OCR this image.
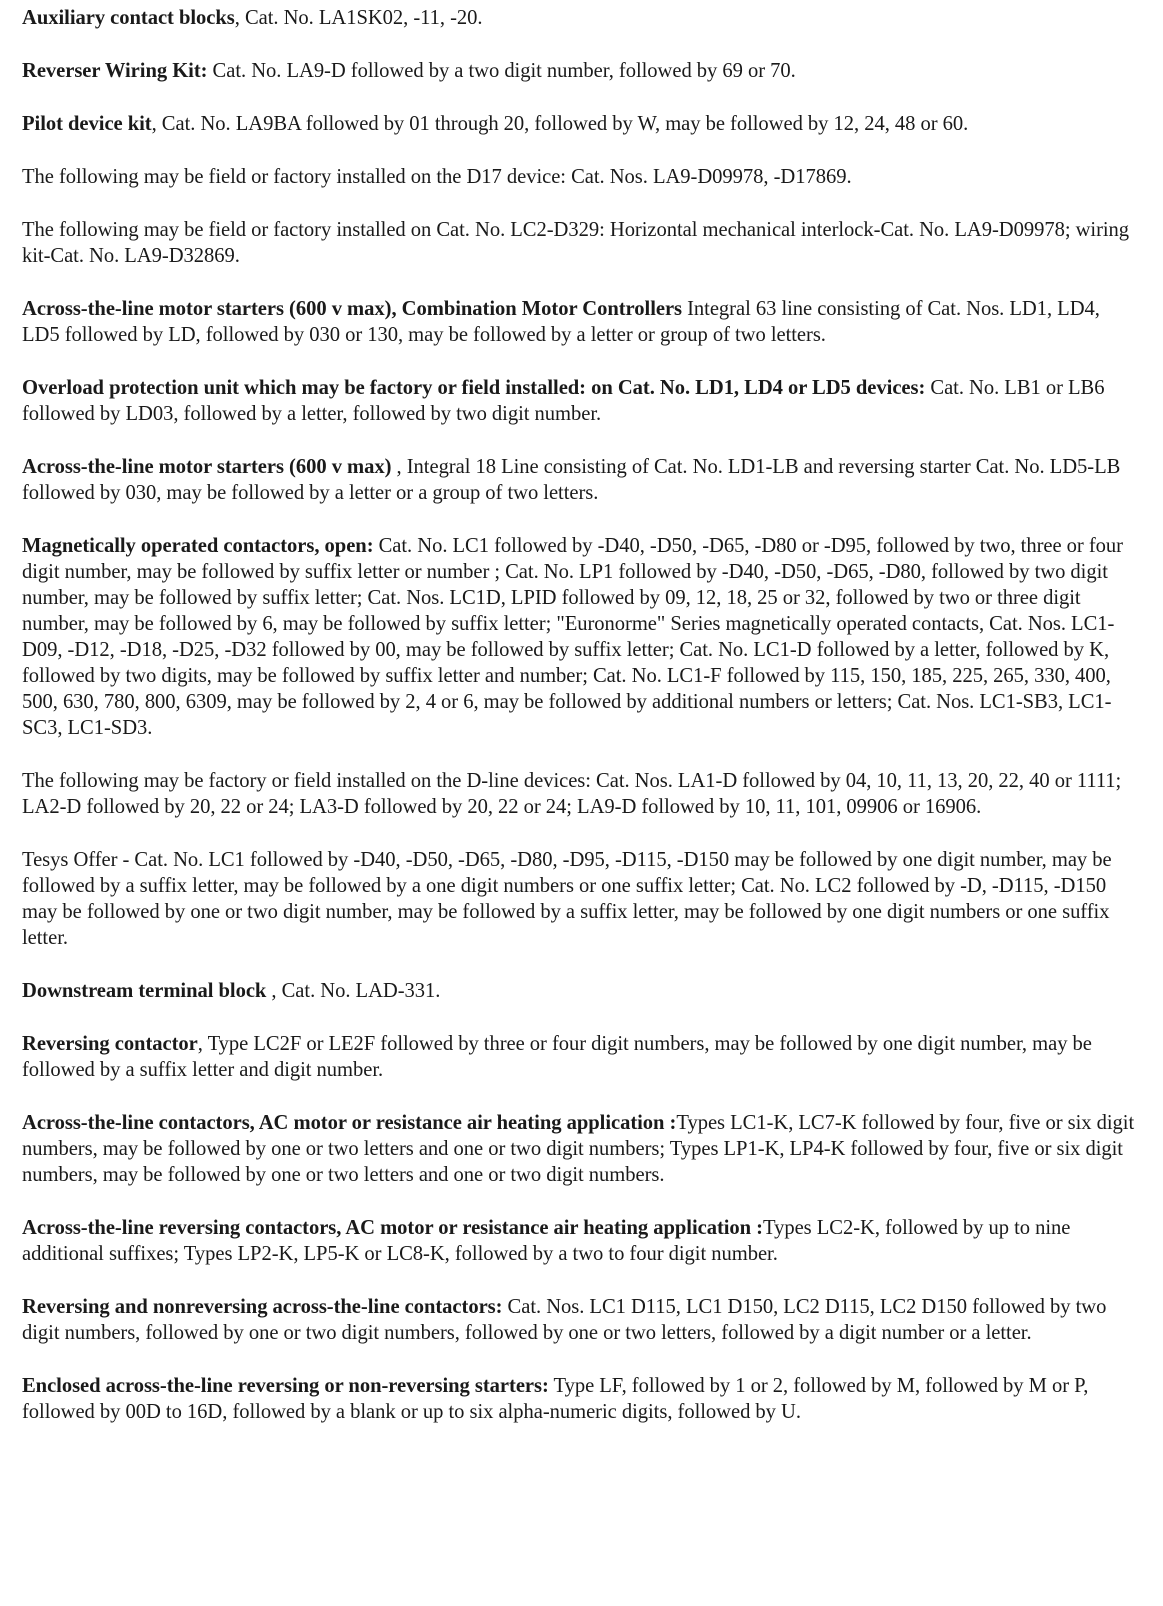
Auxiliary contact blocks, Cat. No. LA1SK02, -11, -20.

Reverser Wiring Kit: Cat. No. LA9-D followed by a two digit number, followed by 69 or 70.

Pilot device kit, Cat. No. LA9BA followed by 01 through 20, followed by W, may be followed by 12, 24, 48 or 60.

The following may be field or factory installed on the D17 device: Cat. Nos. LA9-D09978, -D17869.

The following may be field or factory installed on Cat. No. LC2-D329: Horizontal mechanical interlock-Cat. No. LA9-D09978; wiring kit-Cat. No. LA9-D32869.

Across-the-line motor starters (600 v max), Combination Motor Controllers Integral 63 line consisting of Cat. Nos. LD1, LD4, LD5 followed by LD, followed by 030 or 130, may be followed by a letter or group of two letters.

Overload protection unit which may be factory or field installed: on Cat. No. LD1, LD4 or LD5 devices: Cat. No. LB1 or LB6 followed by LD03, followed by a letter, followed by two digit number.

Across-the-line motor starters (600 v max) , Integral 18 Line consisting of Cat. No. LD1-LB and reversing starter Cat. No. LD5-LB followed by 030, may be followed by a letter or a group of two letters.

Magnetically operated contactors, open: Cat. No. LC1 followed by -D40, -D50, -D65, -D80 or -D95, followed by two, three or four digit number, may be followed by suffix letter or number ; Cat. No. LP1 followed by -D40, -D50, -D65, -D80, followed by two digit number, may be followed by suffix letter; Cat. Nos. LC1D, LPID followed by 09, 12, 18, 25 or 32, followed by two or three digit number, may be followed by 6, may be followed by suffix letter; "Euronorme" Series magnetically operated contacts, Cat. Nos. LC1-D09, -D12, -D18, -D25, -D32 followed by 00, may be followed by suffix letter; Cat. No. LC1-D followed by a letter, followed by K, followed by two digits, may be followed by suffix letter and number; Cat. No. LC1-F followed by 115, 150, 185, 225, 265, 330, 400, 500, 630, 780, 800, 6309, may be followed by 2, 4 or 6, may be followed by additional numbers or letters; Cat. Nos. LC1-SB3, LC1-SC3, LC1-SD3.

The following may be factory or field installed on the D-line devices: Cat. Nos. LA1-D followed by 04, 10, 11, 13, 20, 22, 40 or 1111; LA2-D followed by 20, 22 or 24; LA3-D followed by 20, 22 or 24; LA9-D followed by 10, 11, 101, 09906 or 16906.

Tesys Offer - Cat. No. LC1 followed by -D40, -D50, -D65, -D80, -D95, -D115, -D150 may be followed by one digit number, may be followed by a suffix letter, may be followed by a one digit numbers or one suffix letter; Cat. No. LC2 followed by -D, -D115, -D150 may be followed by one or two digit number, may be followed by a suffix letter, may be followed by one digit numbers or one suffix letter.

Downstream terminal block , Cat. No. LAD-331.

Reversing contactor, Type LC2F or LE2F followed by three or four digit numbers, may be followed by one digit number, may be followed by a suffix letter and digit number.

Across-the-line contactors, AC motor or resistance air heating application :Types LC1-K, LC7-K followed by four, five or six digit numbers, may be followed by one or two letters and one or two digit numbers; Types LP1-K, LP4-K followed by four, five or six digit numbers, may be followed by one or two letters and one or two digit numbers.

Across-the-line reversing contactors, AC motor or resistance air heating application :Types LC2-K, followed by up to nine additional suffixes; Types LP2-K, LP5-K or LC8-K, followed by a two to four digit number.

Reversing and nonreversing across-the-line contactors: Cat. Nos. LC1 D115, LC1 D150, LC2 D115, LC2 D150 followed by two digit numbers, followed by one or two digit numbers, followed by one or two letters, followed by a digit number or a letter.

Enclosed across-the-line reversing or non-reversing starters: Type LF, followed by 1 or 2, followed by M, followed by M or P, followed by 00D to 16D, followed by a blank or up to six alpha-numeric digits, followed by U.
